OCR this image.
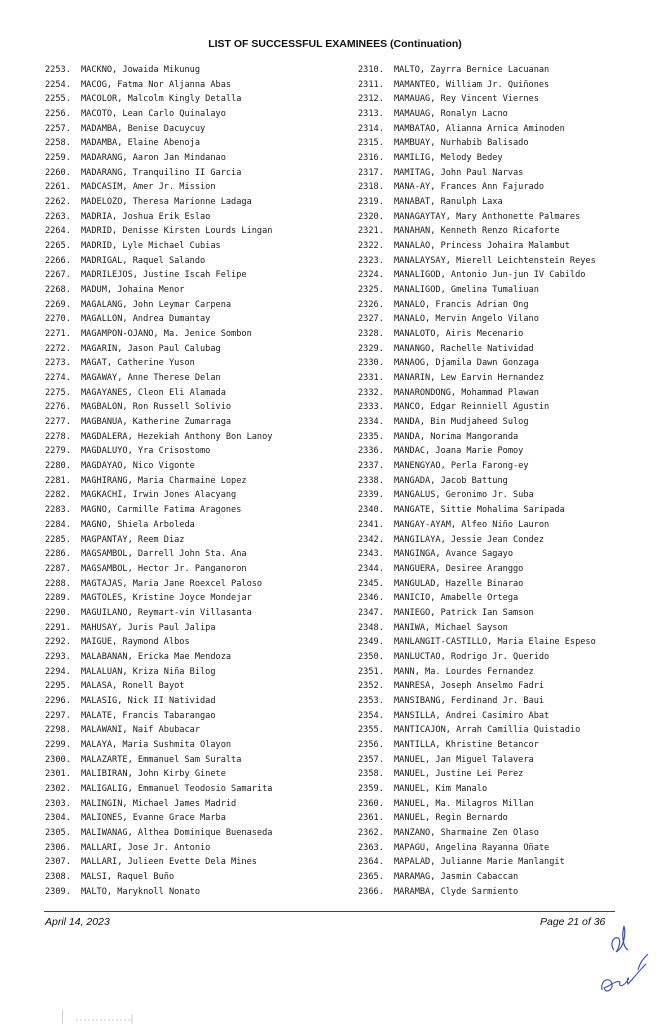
LIST OF SUCCESSFUL EXAMINEES (Continuation)
2253. MACKNO, Jowaida Mikunug
2254. MACOG, Fatma Nor Aljanna Abas
2255. MACOLOR, Malcolm Kingly Detalla
2256. MACOTO, Lean Carlo Quinalayo
2257. MADAMBA, Benise Dacuycuy
2258. MADAMBA, Elaine Abenoja
2259. MADARANG, Aaron Jan Mindanao
2260. MADARANG, Tranquilino II Garcia
2261. MADCASIM, Amer Jr. Mission
2262. MADELOZO, Theresa Marionne Ladaga
2263. MADRIA, Joshua Erik Eslao
2264. MADRID, Denisse Kirsten Lourds Lingan
2265. MADRID, Lyle Michael Cubias
2266. MADRIGAL, Raquel Salando
2267. MADRILEJOS, Justine Iscah Felipe
2268. MADUM, Johaina Menor
2269. MAGALANG, John Leymar Carpena
2270. MAGALLON, Andrea Dumantay
2271. MAGAMPON-OJANO, Ma. Jenice Sombon
2272. MAGARIN, Jason Paul Calubag
2273. MAGAT, Catherine Yuson
2274. MAGAWAY, Anne Therese Delan
2275. MAGAYANES, Cleon Eli Alamada
2276. MAGBALON, Ron Russell Solivio
2277. MAGBANUA, Katherine Zumarraga
2278. MAGDALERA, Hezekiah Anthony Bon Lanoy
2279. MAGDALUYO, Yra Crisostomo
2280. MAGDAYAO, Nico Vigonte
2281. MAGHIRANG, Maria Charmaine Lopez
2282. MAGKACHI, Irwin Jones Alacyang
2283. MAGNO, Carmille Fatima Aragones
2284. MAGNO, Shiela Arboleda
2285. MAGPANTAY, Reem Diaz
2286. MAGSAMBOL, Darrell John Sta. Ana
2287. MAGSAMBOL, Hector Jr. Panganoron
2288. MAGTAJAS, Maria Jane Roexcel Paloso
2289. MAGTOLES, Kristine Joyce Mondejar
2290. MAGUILANO, Reymart-vin Villasanta
2291. MAHUSAY, Juris Paul Jalipa
2292. MAIGUE, Raymond Albos
2293. MALABANAN, Ericka Mae Mendoza
2294. MALALUAN, Kriza Niña Bilog
2295. MALASA, Ronell Bayot
2296. MALASIG, Nick II Natividad
2297. MALATE, Francis Tabarangao
2298. MALAWANI, Naif Abubacar
2299. MALAYA, Maria Sushmita Olayon
2300. MALAZARTE, Emmanuel Sam Suralta
2301. MALIBIRAN, John Kirby Ginete
2302. MALIGALIG, Emmanuel Teodosio Samarita
2303. MALINGIN, Michael James Madrid
2304. MALIONES, Evanne Grace Marba
2305. MALIWANAG, Althea Dominique Buenaseda
2306. MALLARI, Jose Jr. Antonio
2307. MALLARI, Julieen Evette Dela Mines
2308. MALSI, Raquel Buño
2309. MALTO, Maryknoll Nonato
2310. MALTO, Zayrra Bernice Lacuanan
2311. MAMANTEO, William Jr. Quiñones
2312. MAMAUAG, Rey Vincent Viernes
2313. MAMAUAG, Ronalyn Lacno
2314. MAMBATAO, Alianna Arnica Aminoden
2315. MAMBUAY, Nurhabib Balisado
2316. MAMILIG, Melody Bedey
2317. MAMITAG, John Paul Narvas
2318. MANA-AY, Frances Ann Fajurado
2319. MANABAT, Ranulph Laxa
2320. MANAGAYTAY, Mary Anthonette Palmares
2321. MANAHAN, Kenneth Renzo Ricaforte
2322. MANALAO, Princess Johaira Malambut
2323. MANALAYSAY, Mierell Leichtenstein Reyes
2324. MANALIGOD, Antonio Jun-jun IV Cabildo
2325. MANALIGOD, Gmelina Tumaliuan
2326. MANALO, Francis Adrian Ong
2327. MANALO, Mervin Angelo Vilano
2328. MANALOTO, Airis Mecenario
2329. MANANGO, Rachelle Natividad
2330. MANAOG, Djamila Dawn Gonzaga
2331. MANARIN, Lew Earvin Hernandez
2332. MANARONDONG, Mohammad Plawan
2333. MANCO, Edgar Reinniell Agustin
2334. MANDA, Bin Mudjaheed Sulog
2335. MANDA, Norima Mangoranda
2336. MANDAC, Joana Marie Pomoy
2337. MANENGYAO, Perla Farong-ey
2338. MANGADA, Jacob Battung
2339. MANGALUS, Geronimo Jr. Suba
2340. MANGATE, Sittie Mohalima Saripada
2341. MANGAY-AYAM, Alfeo Niño Lauron
2342. MANGILAYA, Jessie Jean Condez
2343. MANGINGA, Avance Sagayo
2344. MANGUERA, Desiree Aranggo
2345. MANGULAD, Hazelle Binarao
2346. MANICIO, Amabelle Ortega
2347. MANIEGO, Patrick Ian Samson
2348. MANIWA, Michael Sayson
2349. MANLANGIT-CASTILLO, Maria Elaine Espeso
2350. MANLUCTAO, Rodrigo Jr. Querido
2351. MANN, Ma. Lourdes Fernandez
2352. MANRESA, Joseph Anselmo Fadri
2353. MANSIBANG, Ferdinand Jr. Baui
2354. MANSILLA, Andrei Casimiro Abat
2355. MANTICAJON, Arrah Camillia Quistadio
2356. MANTILLA, Khristine Betancor
2357. MANUEL, Jan Miguel Talavera
2358. MANUEL, Justine Lei Perez
2359. MANUEL, Kim Manalo
2360. MANUEL, Ma. Milagros Millan
2361. MANUEL, Regin Bernardo
2362. MANZANO, Sharmaine Zen Olaso
2363. MAPAGU, Angelina Rayanna Oñate
2364. MAPALAD, Julianne Marie Manlangit
2365. MARAMAG, Jasmin Cabaccan
2366. MARAMBA, Clyde Sarmiento
April 14, 2023	Page 21 of 36
